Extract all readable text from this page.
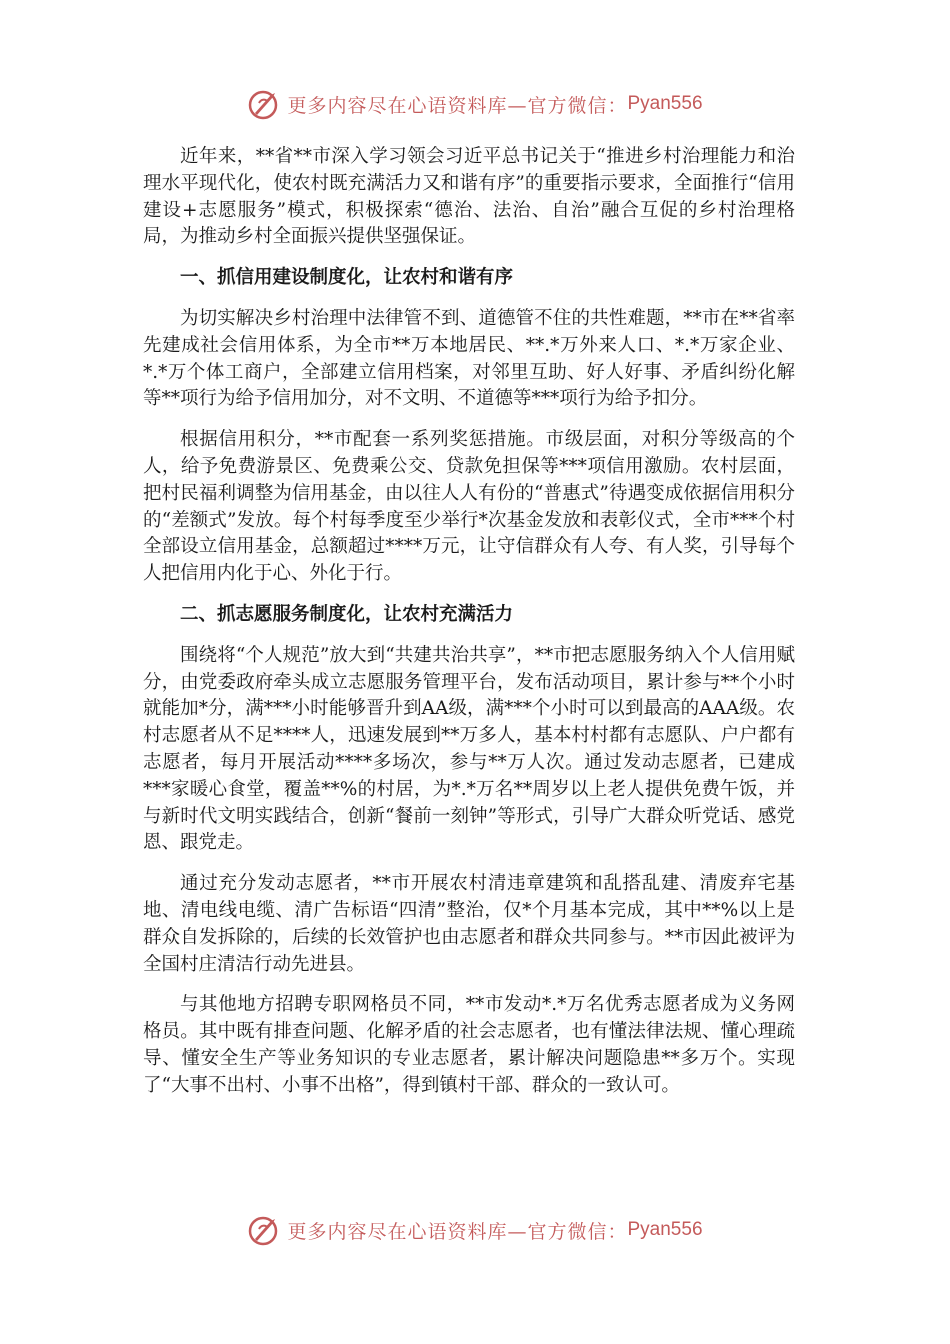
更多内容尽在心语资料库—官方微信： Pyan556

近年来，**省**市深入学习领会习近平总书记关于“推进乡村治理能力和治理水平现代化，使农村既充满活力又和谐有序”的重要指示要求，全面推行“信用建设+志愿服务”模式，积极探索“德治、法治、自治”融合互促的乡村治理格局，为推动乡村全面振兴提供坚强保证。

一、抓信用建设制度化，让农村和谐有序

为切实解决乡村治理中法律管不到、道德管不住的共性难题，**市在**省率先建成社会信用体系，为全市**万本地居民、**.*万外来人口、*.*万家企业、*.*万个体工商户，全部建立信用档案，对邻里互助、好人好事、矛盾纠纷化解等**项行为给予信用加分，对不文明、不道德等***项行为给予扣分。

根据信用积分，**市配套一系列奖惩措施。市级层面，对积分等级高的个人，给予免费游景区、免费乘公交、贷款免担保等***项信用激励。农村层面，把村民福利调整为信用基金，由以往人人有份的“普惠式”待遇变成依据信用积分的“差额式”发放。每个村每季度至少举行*次基金发放和表彰仪式，全市***个村全部设立信用基金，总额超过****万元，让守信群众有人夸、有人奖，引导每个人把信用内化于心、外化于行。

二、抓志愿服务制度化，让农村充满活力

围绕将“个人规范”放大到“共建共治共享”，**市把志愿服务纳入个人信用赋分，由党委政府牵头成立志愿服务管理平台，发布活动项目，累计参与**个小时就能加*分，满***小时能够晋升到AA级，满***个小时可以到最高的AAA级。农村志愿者从不足****人，迅速发展到**万多人，基本村村都有志愿队、户户都有志愿者，每月开展活动****多场次，参与**万人次。通过发动志愿者，已建成***家暖心食堂，覆盖**%的村居，为*.*万名**周岁以上老人提供免费午饭，并与新时代文明实践结合，创新“餐前一刻钟”等形式，引导广大群众听党话、感党恩、跟党走。

通过充分发动志愿者，**市开展农村清违章建筑和乱搭乱建、清废弃宅基地、清电线电缆、清广告标语“四清”整治，仅*个月基本完成，其中**%以上是群众自发拆除的，后续的长效管护也由志愿者和群众共同参与。**市因此被评为全国村庄清洁行动先进县。

与其他地方招聘专职网格员不同，**市发动*.*万名优秀志愿者成为义务网格员。其中既有排查问题、化解矛盾的社会志愿者，也有懂法律法规、懂心理疏导、懂安全生产等业务知识的专业志愿者，累计解决问题隐患**多万个。实现了“大事不出村、小事不出格”，得到镇村干部、群众的一致认可。

更多内容尽在心语资料库—官方微信： Pyan556
